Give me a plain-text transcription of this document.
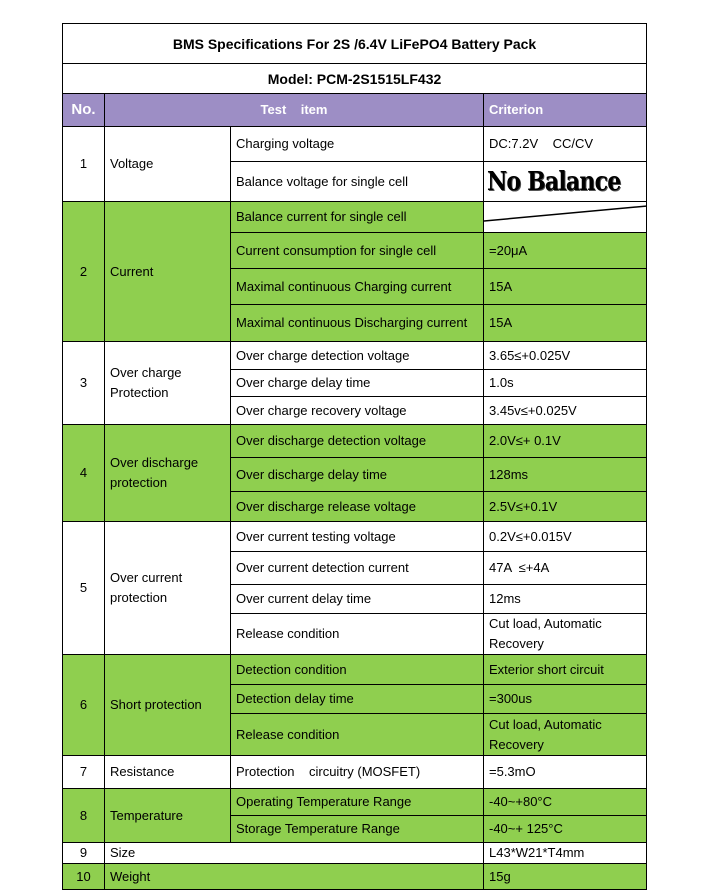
BMS Specifications For 2S /6.4V LiFePO4 Battery Pack			
Model: PCM-2S1515LF432			
No.	Test    item		Criterion
1	Voltage	Charging voltage	DC:7.2V    CC/CV
		Balance voltage for single cell	No Balance

2	Current	Balance current for single cell	

		Current consumption for single cell	=20μA
		Maximal continuous Charging current	15A
		Maximal continuous Discharging current	15A
3	Over charge Protection	Over charge detection voltage	3.65≤+0.025V
		Over charge delay time	1.0s
		Over charge recovery voltage	3.45v≤+0.025V
4	Over discharge protection	Over discharge detection voltage	2.0V≤+ 0.1V
		Over discharge delay time	128ms
		Over discharge release voltage	2.5V≤+0.1V
5	Over current protection	Over current testing voltage	0.2V≤+0.015V
		Over current detection current	47A  ≤+4A
		Over current delay time	12ms
		Release condition	Cut load, Automatic Recovery
6	Short protection	Detection condition	Exterior short circuit
		Detection delay time	=300us
		Release condition	Cut load, Automatic Recovery
7	Resistance	Protection    circuitry (MOSFET)	=5.3mO
8	Temperature	Operating Temperature Range	-40~+80°C
		Storage Temperature Range	-40~+ 125°C
9	Size		L43*W21*T4mm
10	Weight		15g
